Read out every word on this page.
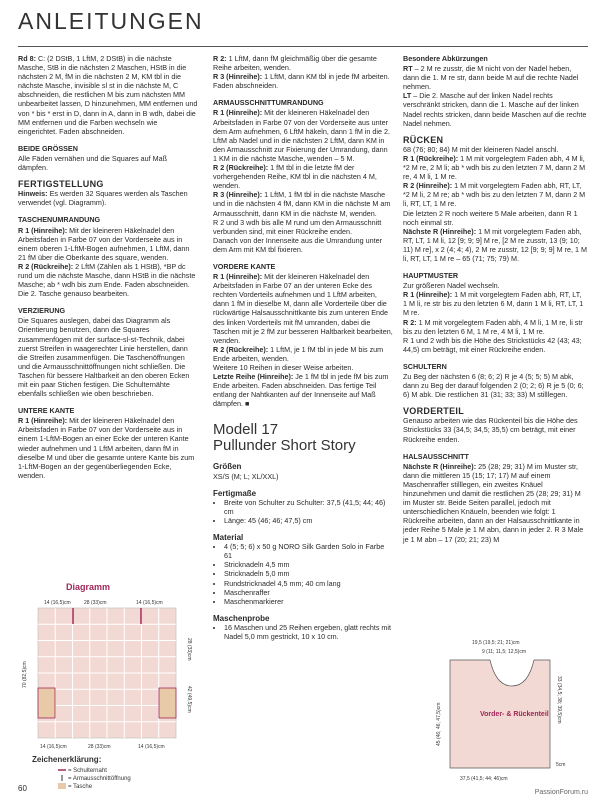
ANLEITUNGEN

Rd 8: C: (2 DStB, 1 LftM, 2 DStB) in die nächste Masche, StB in die nächsten 2 Maschen, HStB in die nächsten 2 M, fM in die nächsten 2 M, KM tbl in die nächste Masche, invisible sl st in die nächste M, C abschneiden, die restlichen M bis zum nächsten MM unbearbeitet lassen, D hinzunehmen, MM entfernen und von * bis * erst in D, dann in A, dann in B wdh, dabei die MM entfernen und die Farben wechseln wie eingerichtet. Faden abschneiden.

BEIDE GRÖSSEN

Alle Fäden vernähen und die Squares auf Maß dämpfen.

FERTIGSTELLUNG

Hinweis: Es werden 32 Squares werden als Taschen verwendet (vgl. Diagramm).

TASCHENUMRANDUNG

R 1 (Hinreihe): Mit der kleineren Häkelnadel den Arbeitsfaden in Farbe 07 von der Vorderseite aus in einem oberen 1-LftM-Bogen aufnehmen, 1 LftM, dann 21 fM über die Oberkante des square, wenden.

R 2 (Rückreihe): 2 LftM (Zählen als 1 HStB), *BP dc rund um die nächste Masche, dann HStB in die nächste Masche; ab * wdh bis zum Ende. Faden abschneiden. Die 2. Tasche genauso bearbeiten.

VERZIERUNG

Die Squares auslegen, dabei das Diagramm als Orientierung benutzen, dann die Squares zusammenfügen mit der surface-sl-st-Technik, dabei zuerst Streifen in waagerechter Linie herstellen, dann die Streifen zusammenfügen. Die Taschenöffnungen und die Armausschnittöffnungen nicht schließen. Die Taschen für bessere Haltbarkeit an den oberen Ecken mit ein paar Stichen festigen. Die Schulternähte ebenfalls schließen wie oben beschrieben.

UNTERE KANTE

R 1 (Hinreihe): Mit der kleineren Häkelnadel den Arbeitsfaden in Farbe 07 von der Vorderseite aus in einem 1-LftM-Bogen an einer Ecke der unteren Kante wieder aufnehmen und 1 LftM arbeiten, dann fM in dieselbe M und über die gesamte untere Kante bis zum 1-LftM-Bogen an der gegenüberliegenden Ecke, wenden.

Diagramm
14 (16,5)cm	28 (33)cm	14 (16,5)cm
70 (82,5)cm
28 (33)cm
42 (49,5)cm
14 (16,5)cm	28 (33)cm	14 (16,5)cm
Zeichenerklärung:
= Schulternaht
= Armausschnittöffnung
= Tasche

R 2: 1 LftM, dann fM gleichmäßig über die gesamte Reihe arbeiten, wenden.

R 3 (Hinreihe): 1 LftM, dann KM tbl in jede fM arbeiten. Faden abschneiden.

ARMAUSSCHNITTUMRANDUNG

R 1 (Hinreihe): Mit der kleineren Häkelnadel den Arbeitsfaden in Farbe 07 von der Vorderseite aus unter dem Arm aufnehmen, 6 LftM häkeln, dann 1 fM in die 2. LftM ab Nadel und in die nächsten 2 LftM, dann KM in den Armausschnitt zur Fixierung der Umrandung, dann 1 KM in die nächste Masche, wenden – 5 M.

R 2 (Rückreihe): 1 fM tbl in die letzte fM der vorhergehenden Reihe, KM tbl in die nächsten 4 M, wenden.

R 3 (Hinreihe): 1 LftM, 1 fM tbl in die nächste Masche und in die nächsten 4 fM, dann KM in die nächste M am Armausschnitt, dann KM in die nächste M, wenden.

R 2 und 3 wdh bis alle M rund um den Armausschnitt verbunden sind, mit einer Rückreihe enden.

Danach von der Innenseite aus die Umrandung unter dem Arm mit KM tbl fixieren.

VORDERE KANTE

R 1 (Hinreihe): Mit der kleineren Häkelnadel den Arbeitsfaden in Farbe 07 an der unteren Ecke des rechten Vorderteils aufnehmen und 1 LftM arbeiten, dann 1 fM in dieselbe M, dann alle Vorderteile über die rückwärtige Halsausschnittkante bis zum unteren Ende des linken Vorderteils mit fM umranden, dabei die Taschen mit je 2 fM zur besseren Haltbarkeit bearbeiten, wenden.

R 2 (Rückreihe): 1 LftM, je 1 fM tbl in jede M bis zum Ende arbeiten, wenden.

Weitere 10 Reihen in dieser Weise arbeiten.

Letzte Reihe (Hinreihe): Je 1 fM tbl in jede fM bis zum Ende arbeiten. Faden abschneiden. Das fertige Teil entlang der Nahtkanten auf der Innenseite auf Maß dämpfen. ■

Modell 17
Pullunder Short Story
Größen
XS/S (M; L; XL/XXL)
Fertigmaße
• Breite von Schulter zu Schulter: 37,5 (41,5; 44; 46) cm
• Länge: 45 (46; 46; 47,5) cm
Material
• 4 (5; 5; 6) x 50 g NORO Silk Garden Solo in Farbe 61
• Stricknadeln 4,5 mm
• Stricknadeln 5,0 mm
• Rundstricknadel 4,5 mm; 40 cm lang
• Maschenraffer
• Maschenmarkierer
Maschenprobe
• 16 Maschen und 25 Reihen ergeben, glatt rechts mit Nadel 5,0 mm gestrickt, 10 x 10 cm.
Besondere Abkürzungen

RT – 2 M re zusstr, die M nicht von der Nadel heben, dann die 1. M re str, dann beide M auf die rechte Nadel nehmen.

LT – Die 2. Masche auf der linken Nadel rechts verschränkt stricken, dann die 1. Masche auf der linken Nadel rechts stricken, dann beide Maschen auf die rechte Nadel nehmen.

RÜCKEN

68 (76; 80; 84) M mit der kleineren Nadel anschl.

R 1 (Rückreihe): 1 M mit vorgelegtem Faden abh, 4 M li, *2 M re, 2 M li; ab * wdh bis zu den letzten 7 M, dann 2 M re, 4 M li, 1 M re.

R 2 (Hinreihe): 1 M mit vorgelegtem Faden abh, RT, LT, *2 M li, 2 M re; ab * wdh bis zu den letzten 7 M, dann 2 M li, RT, LT, 1 M re.

Die letzten 2 R noch weitere 5 Male arbeiten, dann R 1 noch einmal str.

Nächste R (Hinreihe): 1 M mit vorgelegtem Faden abh, RT, LT, 1 M li, 12 [9; 9; 9] M re, [2 M re zusstr, 13 (9; 10; 11) M re], x 2 (4; 4; 4), 2 M re zusstr, 12 [9; 9; 9] M re, 1 M li, RT, LT, 1 M re – 65 (71; 75; 79) M.

HAUPTMUSTER

Zur größeren Nadel wechseln.

R 1 (Hinreihe): 1 M mit vorgelegtem Faden abh, RT, LT, 1 M li, re str bis zu den letzten 6 M, dann 1 M li, RT, LT, 1 M re.

R 2: 1 M mit vorgelegtem Faden abh, 4 M li, 1 M re, li str bis zu den letzten 6 M, 1 M re, 4 M li, 1 M re.

R 1 und 2 wdh bis die Höhe des Strickstücks 42 (43; 43; 44,5) cm beträgt, mit einer Rückreihe enden.

SCHULTERN

Zu Beg der nächsten 6 (8; 6; 2) R je 4 (5; 5; 5) M abk, dann zu Beg der darauf folgenden 2 (0; 2; 6) R je 5 (0; 6; 6) M abk. Die restlichen 31 (31; 33; 33) M stilllegen.

VORDERTEIL

Genauso arbeiten wie das Rückenteil bis die Höhe des Strickstücks 33 (34,5; 34,5; 35,5) cm beträgt, mit einer Rückreihe enden.

HALSAUSSCHNITT

Nächste R (Hinreihe): 25 (28; 29; 31) M im Muster str, dann die mittleren 15 (15; 17; 17) M auf einem Maschenraffer stilllegen, ein zweites Knäuel hinzunehmen und damit die restlichen 25 (28; 29; 31) M im Muster str. Beide Seiten parallel, jedoch mit unterschiedlichen Knäueln, beenden wie folgt: 1 Rückreihe arbeiten, dann an der Halsausschnittkante in jeder Reihe 5 Male je 1 M abn, dann in jeder 2. R 3 Male je 1 M abn – 17 (20; 21; 23) M

19,5 (19,5; 21; 21)cm
9 (11; 11,5; 12,5)cm
Vorder- & Rückenteil
45 (46; 46; 47,5)cm
33 (34,5; 38; 39,5)cm
5cm
37,5 (41,5; 44; 46)cm
60	PassionForum.ru
